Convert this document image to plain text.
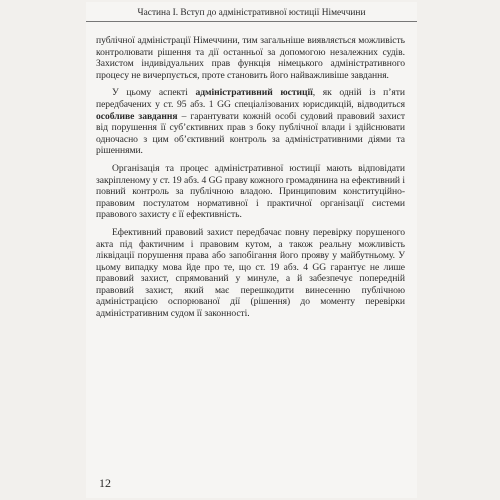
Частина І. Вступ до адміністративної юстиції Німеччини

публічної адміністрації Німеччини, тим загальніше виявляється можливість контролювати рішення та дії останньої за допомогою незалежних судів. Захистом індивідуальних прав функція німецького адміністративного процесу не вичерпується, проте становить його найважливіше завдання.

У цьому аспекті адміністративний юстиції, як одній із п’яти передбачених у ст. 95 абз. 1 GG спеціалізованих юрисдикцій, відводиться особливе завдання – гарантувати кожній особі судовий правовий захист від порушення її суб’єктивних прав з боку публічної влади і здійснювати одночасно з цим об’єктивний контроль за адміністративними діями та рішеннями.

Організація та процес адміністративної юстиції мають відповідати закріпленому у ст. 19 абз. 4 GG праву кожного громадянина на ефективний і повний контроль за публічною владою. Принциповим конституційно-правовим постулатом нормативної і практичної організації системи правового захисту є її ефективність.

Ефективний правовий захист передбачає повну перевірку порушеного акта під фактичним і правовим кутом, а також реальну можливість ліквідації порушення права або запобігання його прояву у майбутньому. У цьому випадку мова йде про те, що ст. 19 абз. 4 GG гарантує не лише правовий захист, спрямований у минуле, а й забезпечує попередній правовий захист, який має перешкодити винесенню публічною адміністрацією оспорюваної дії (рішення) до моменту перевірки адміністративним судом її законності.

12
